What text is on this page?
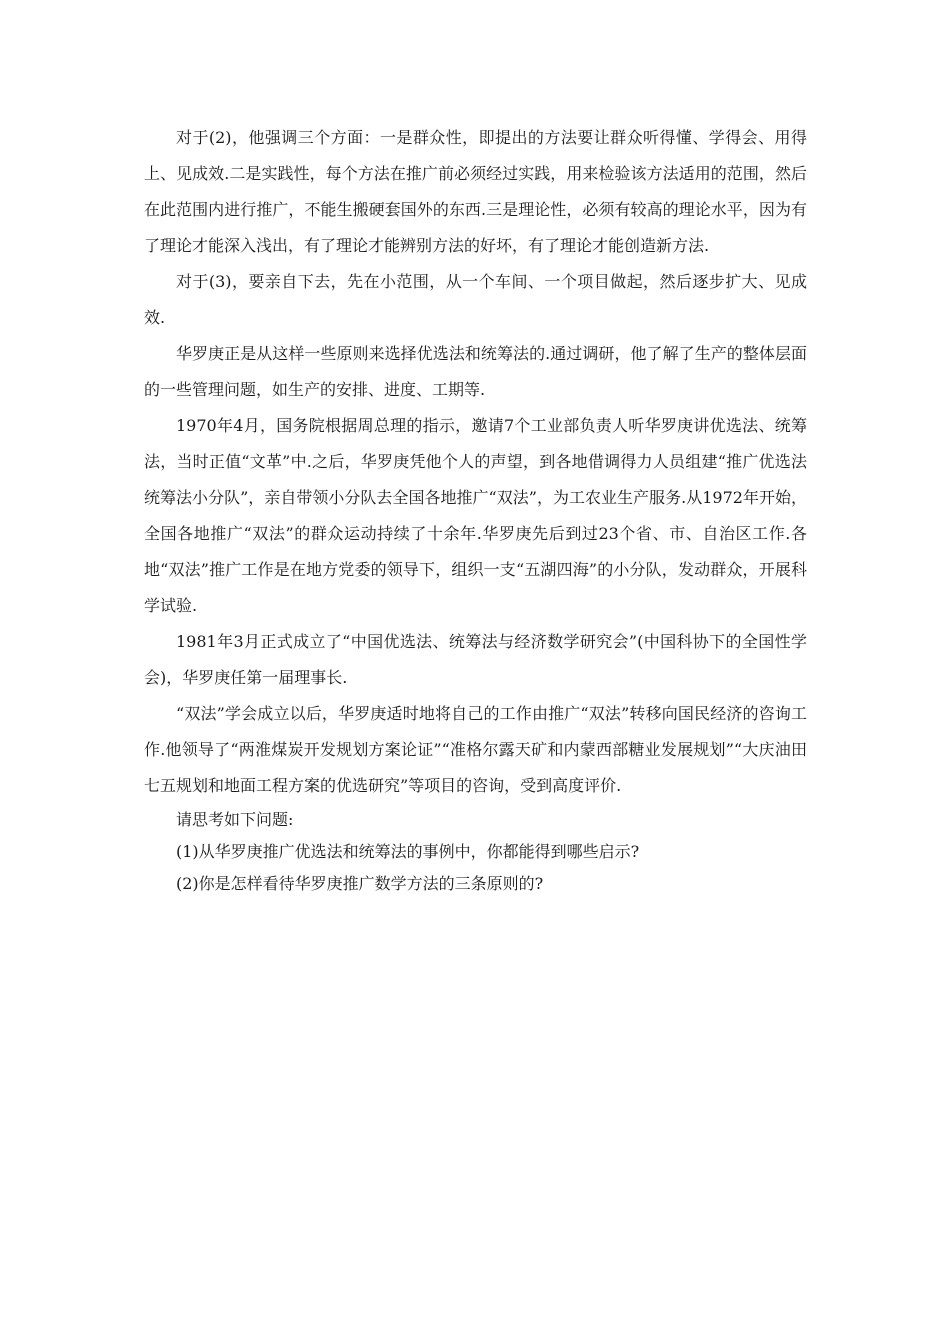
对于(2)，他强调三个方面：一是群众性，即提出的方法要让群众听得懂、学得会、用得上、见成效.二是实践性，每个方法在推广前必须经过实践，用来检验该方法适用的范围，然后在此范围内进行推广，不能生搬硬套国外的东西.三是理论性，必须有较高的理论水平，因为有了理论才能深入浅出，有了理论才能辨别方法的好坏，有了理论才能创造新方法.

对于(3)，要亲自下去，先在小范围，从一个车间、一个项目做起，然后逐步扩大、见成效.

华罗庚正是从这样一些原则来选择优选法和统筹法的.通过调研，他了解了生产的整体层面的一些管理问题，如生产的安排、进度、工期等.

1970年4月，国务院根据周总理的指示，邀请7个工业部负责人听华罗庚讲优选法、统筹法，当时正值“文革”中.之后，华罗庚凭他个人的声望，到各地借调得力人员组建“推广优选法统筹法小分队”，亲自带领小分队去全国各地推广“双法”，为工农业生产服务.从1972年开始，全国各地推广“双法”的群众运动持续了十余年.华罗庚先后到过23个省、市、自治区工作.各地“双法”推广工作是在地方党委的领导下，组织一支“五湖四海”的小分队，发动群众，开展科学试验.

1981年3月正式成立了“中国优选法、统筹法与经济数学研究会”(中国科协下的全国性学会)，华罗庚任第一届理事长.

“双法”学会成立以后，华罗庚适时地将自己的工作由推广“双法”转移向国民经济的咨询工作.他领导了“两淮煤炭开发规划方案论证”“准格尔露天矿和内蒙西部糖业发展规划”“大庆油田七五规划和地面工程方案的优选研究”等项目的咨询，受到高度评价.

请思考如下问题:

(1)从华罗庚推广优选法和统筹法的事例中，你都能得到哪些启示?

(2)你是怎样看待华罗庚推广数学方法的三条原则的?
